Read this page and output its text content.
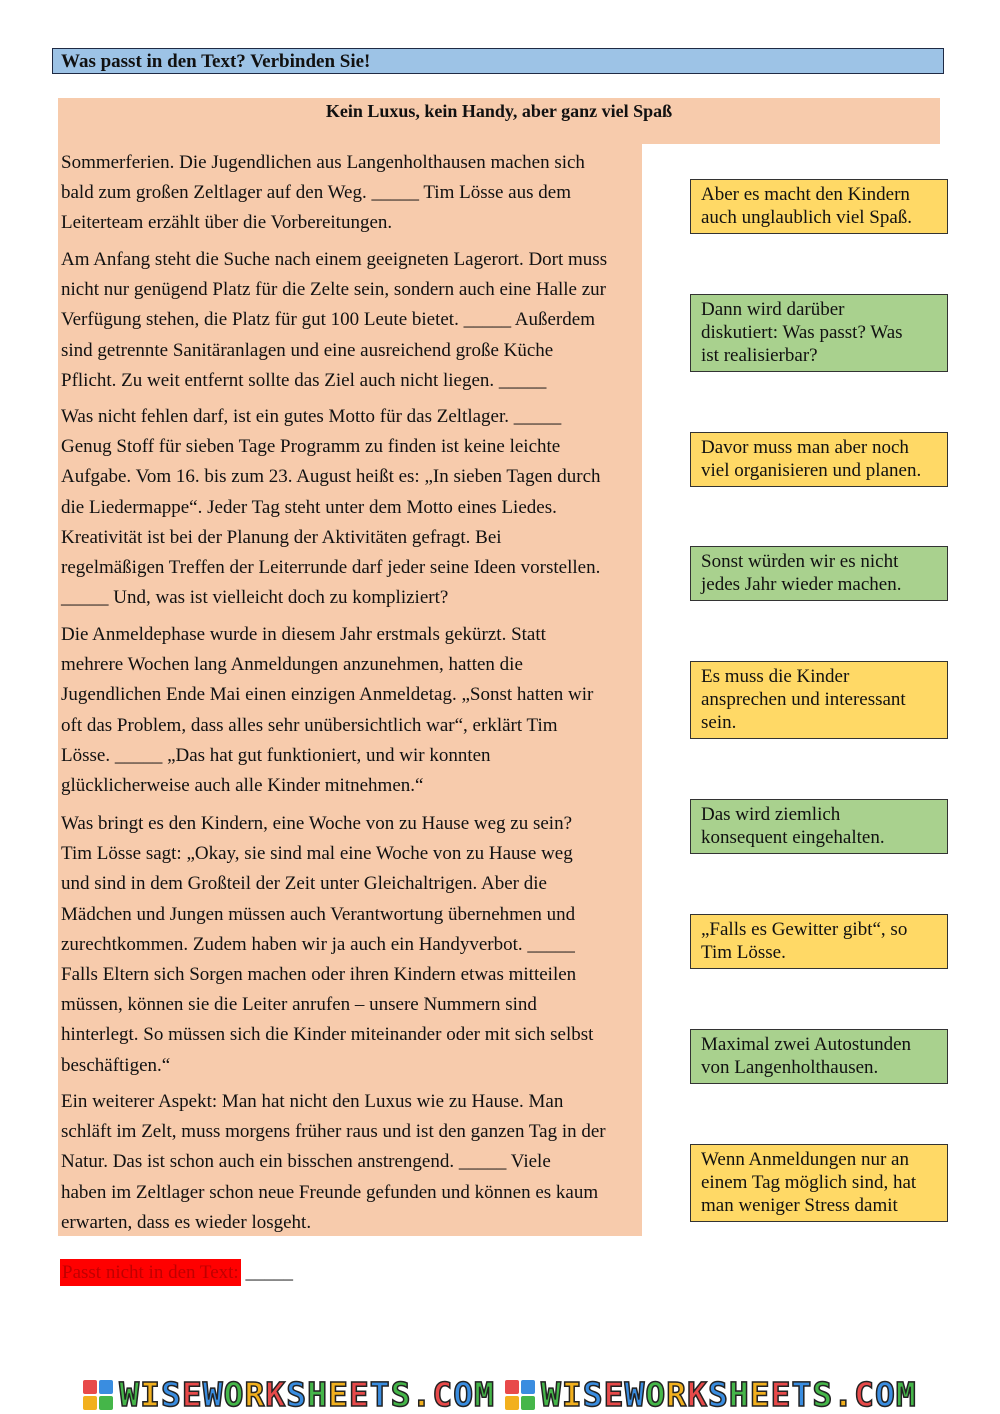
Was passt in den Text? Verbinden Sie!
Kein Luxus, kein Handy, aber ganz viel Spaß

Sommerferien. Die Jugendlichen aus Langenholthausen machen sich
bald zum großen Zeltlager auf den Weg. _____ Tim Lösse aus dem
Leiterteam erzählt über die Vorbereitungen.

Am Anfang steht die Suche nach einem geeigneten Lagerort. Dort muss
nicht nur genügend Platz für die Zelte sein, sondern auch eine Halle zur
Verfügung stehen, die Platz für gut 100 Leute bietet. _____ Außerdem
sind getrennte Sanitäranlagen und eine ausreichend große Küche
Pflicht. Zu weit entfernt sollte das Ziel auch nicht liegen. _____

Was nicht fehlen darf, ist ein gutes Motto für das Zeltlager. _____
Genug Stoff für sieben Tage Programm zu finden ist keine leichte
Aufgabe. Vom 16. bis zum 23. August heißt es: „In sieben Tagen durch
die Liedermappe“. Jeder Tag steht unter dem Motto eines Liedes.
Kreativität ist bei der Planung der Aktivitäten gefragt. Bei
regelmäßigen Treffen der Leiterrunde darf jeder seine Ideen vorstellen.
_____ Und, was ist vielleicht doch zu kompliziert?

Die Anmeldephase wurde in diesem Jahr erstmals gekürzt. Statt
mehrere Wochen lang Anmeldungen anzunehmen, hatten die
Jugendlichen Ende Mai einen einzigen Anmeldetag. „Sonst hatten wir
oft das Problem, dass alles sehr unübersichtlich war“, erklärt Tim
Lösse. _____ „Das hat gut funktioniert, und wir konnten
glücklicherweise auch alle Kinder mitnehmen.“

Was bringt es den Kindern, eine Woche von zu Hause weg zu sein?
Tim Lösse sagt: „Okay, sie sind mal eine Woche von zu Hause weg
und sind in dem Großteil der Zeit unter Gleichaltrigen. Aber die
Mädchen und Jungen müssen auch Verantwortung übernehmen und
zurechtkommen. Zudem haben wir ja auch ein Handyverbot. _____
Falls Eltern sich Sorgen machen oder ihren Kindern etwas mitteilen
müssen, können sie die Leiter anrufen – unsere Nummern sind
hinterlegt. So müssen sich die Kinder miteinander oder mit sich selbst
beschäftigen.“

Ein weiterer Aspekt: Man hat nicht den Luxus wie zu Hause. Man
schläft im Zelt, muss morgens früher raus und ist den ganzen Tag in der
Natur. Das ist schon auch ein bisschen anstrengend. _____ Viele
haben im Zeltlager schon neue Freunde gefunden und können es kaum
erwarten, dass es wieder losgeht.

Aber es macht den Kindern
auch unglaublich viel Spaß.
Dann wird darüber
diskutiert: Was passt? Was
ist realisierbar?
Davor muss man aber noch
viel organisieren und planen.
Sonst würden wir es nicht
jedes Jahr wieder machen.
Es muss die Kinder
ansprechen und interessant
sein.
Das wird ziemlich
konsequent eingehalten.
„Falls es Gewitter gibt“, so
Tim Lösse.
Maximal zwei Autostunden
von Langenholthausen.
Wenn Anmeldungen nur an
einem Tag möglich sind, hat
man weniger Stress damit
Passt nicht in den Text: _____
WISEWORKSHEETS.COM WISEWORKSHEETS.COM
